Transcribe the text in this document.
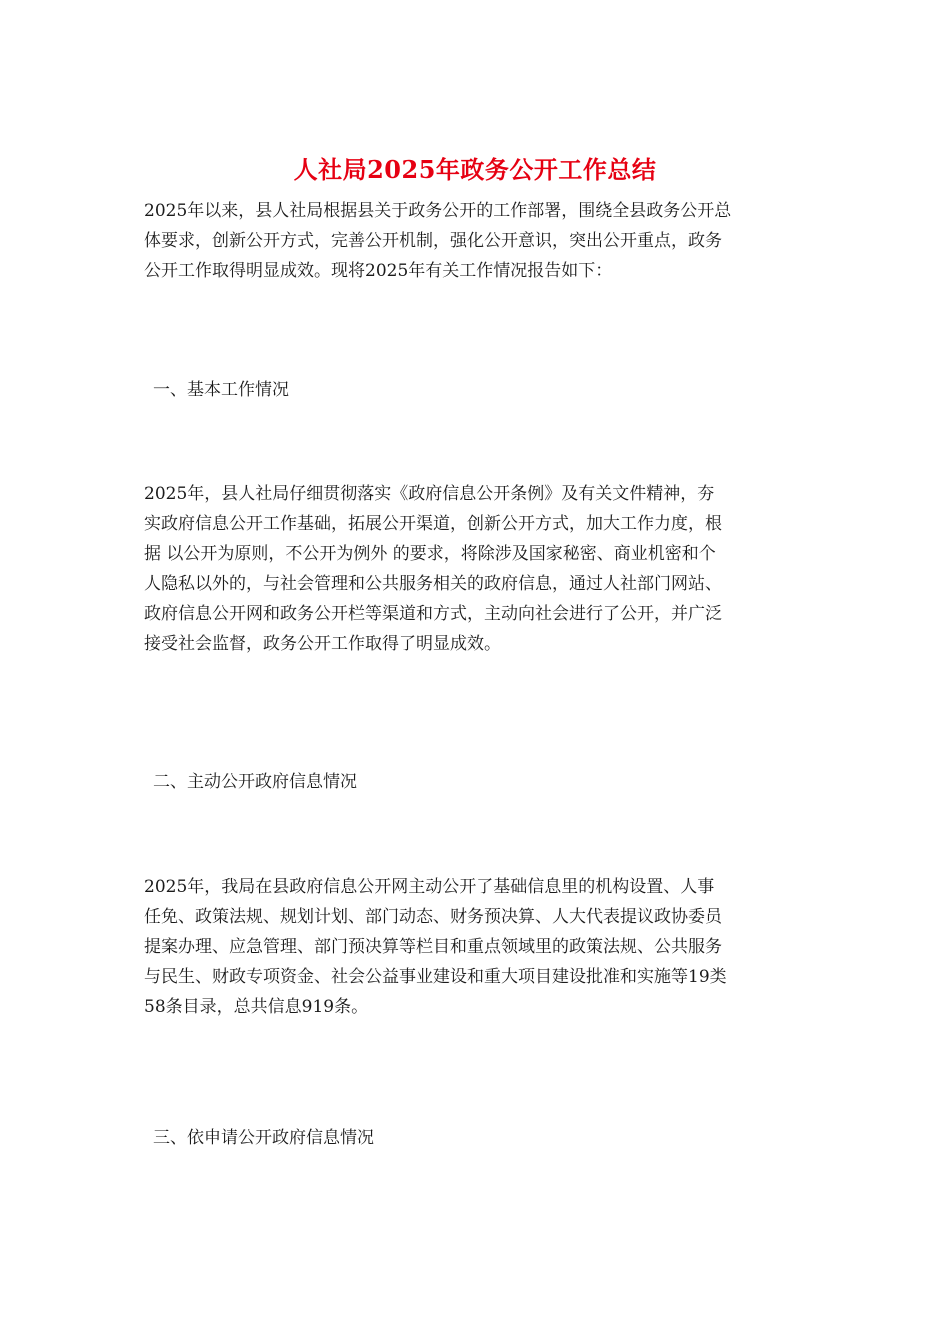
人社局2025年政务公开工作总结
2025年以来，县人社局根据县关于政务公开的工作部署，围绕全县政务公开总
体要求，创新公开方式，完善公开机制，强化公开意识，突出公开重点，政务
公开工作取得明显成效。现将2025年有关工作情况报告如下：
一、基本工作情况
2025年，县人社局仔细贯彻落实《政府信息公开条例》及有关文件精神，夯
实政府信息公开工作基础，拓展公开渠道，创新公开方式，加大工作力度，根
据 以公开为原则，不公开为例外 的要求，将除涉及国家秘密、商业机密和个
人隐私以外的，与社会管理和公共服务相关的政府信息，通过人社部门网站、
政府信息公开网和政务公开栏等渠道和方式，主动向社会进行了公开，并广泛
接受社会监督，政务公开工作取得了明显成效。
二、主动公开政府信息情况
2025年，我局在县政府信息公开网主动公开了基础信息里的机构设置、人事
任免、政策法规、规划计划、部门动态、财务预决算、人大代表提议政协委员
提案办理、应急管理、部门预决算等栏目和重点领域里的政策法规、公共服务
与民生、财政专项资金、社会公益事业建设和重大项目建设批准和实施等19类
58条目录，总共信息919条。
三、依申请公开政府信息情况
